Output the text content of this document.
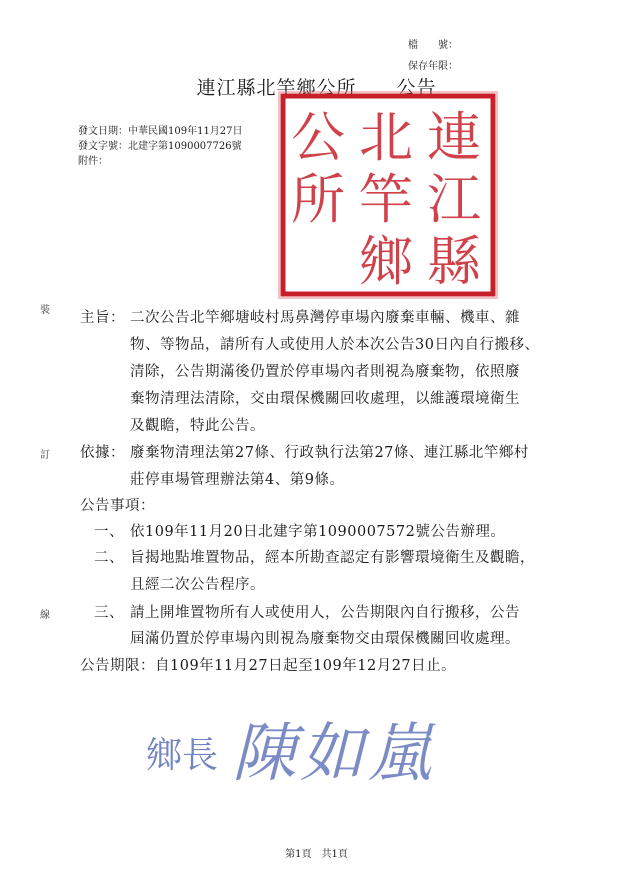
檔　　號：
保存年限：
連江縣北竿鄉公所　　公告
發文日期：中華民國109年11月27日
發文字號：北建字第1090007726號
附件：	連
江
縣
北
竿
鄉
公
所
裝
訂
線
主旨： 二次公告北竿鄉塘岐村馬鼻灣停車場內廢棄車輛、機車、雜
物、等物品，請所有人或使用人於本次公告30日內自行搬移、
清除，公告期滿後仍置於停車場內者則視為廢棄物，依照廢
棄物清理法清除，交由環保機關回收處理，以維護環境衛生
及觀瞻，特此公告。
依據： 廢棄物清理法第27條、行政執行法第27條、連江縣北竿鄉村
莊停車場管理辦法第4、第9條。
公告事項：
一、 依109年11月20日北建字第1090007572號公告辦理。
二、 旨揭地點堆置物品，經本所勘查認定有影響環境衛生及觀瞻，
且經二次公告程序。
三、 請上開堆置物所有人或使用人，公告期限內自行搬移，公告
屆滿仍置於停車場內則視為廢棄物交由環保機關回收處理。
公告期限：自109年11月27日起至109年12月27日止。
鄉長 陳如嵐
第1頁　共1頁
